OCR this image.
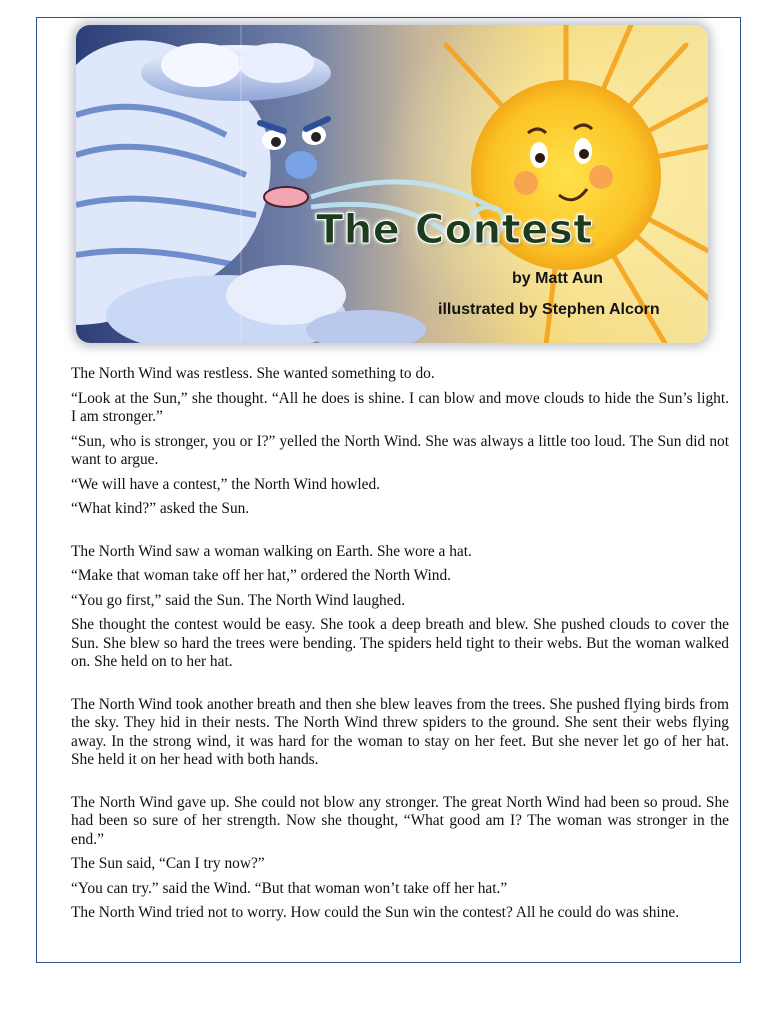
The Contest
by Matt Aun
illustrated by Stephen Alcorn

The North Wind was restless. She wanted something to do.

“Look at the Sun,” she thought. “All he does is shine. I can blow and move clouds to hide the Sun’s light. I am stronger.”

“Sun, who is stronger, you or I?” yelled the North Wind. She was always a little too loud. The Sun did not want to argue.

“We will have a contest,” the North Wind howled.

“What kind?” asked the Sun.

The North Wind saw a woman walking on Earth. She wore a hat.

“Make that woman take off her hat,” ordered the North Wind.

“You go first,” said the Sun. The North Wind laughed.

She thought the contest would be easy. She took a deep breath and blew. She pushed clouds to cover the Sun. She blew so hard the trees were bending. The spiders held tight to their webs. But the woman walked on. She held on to her hat.

The North Wind took another breath and then she blew leaves from the trees. She pushed flying birds from the sky. They hid in their nests. The North Wind threw spiders to the ground. She sent their webs flying away. In the strong wind, it was hard for the woman to stay on her feet. But she never let go of her hat. She held it on her head with both hands.

The North Wind gave up. She could not blow any stronger. The great North Wind had been so proud. She had been so sure of her strength. Now she thought, “What good am I? The woman was stronger in the end.”

The Sun said, “Can I try now?”

“You can try.” said the Wind. “But that woman won’t take off her hat.”

The North Wind tried not to worry. How could the Sun win the contest? All he could do was shine.
